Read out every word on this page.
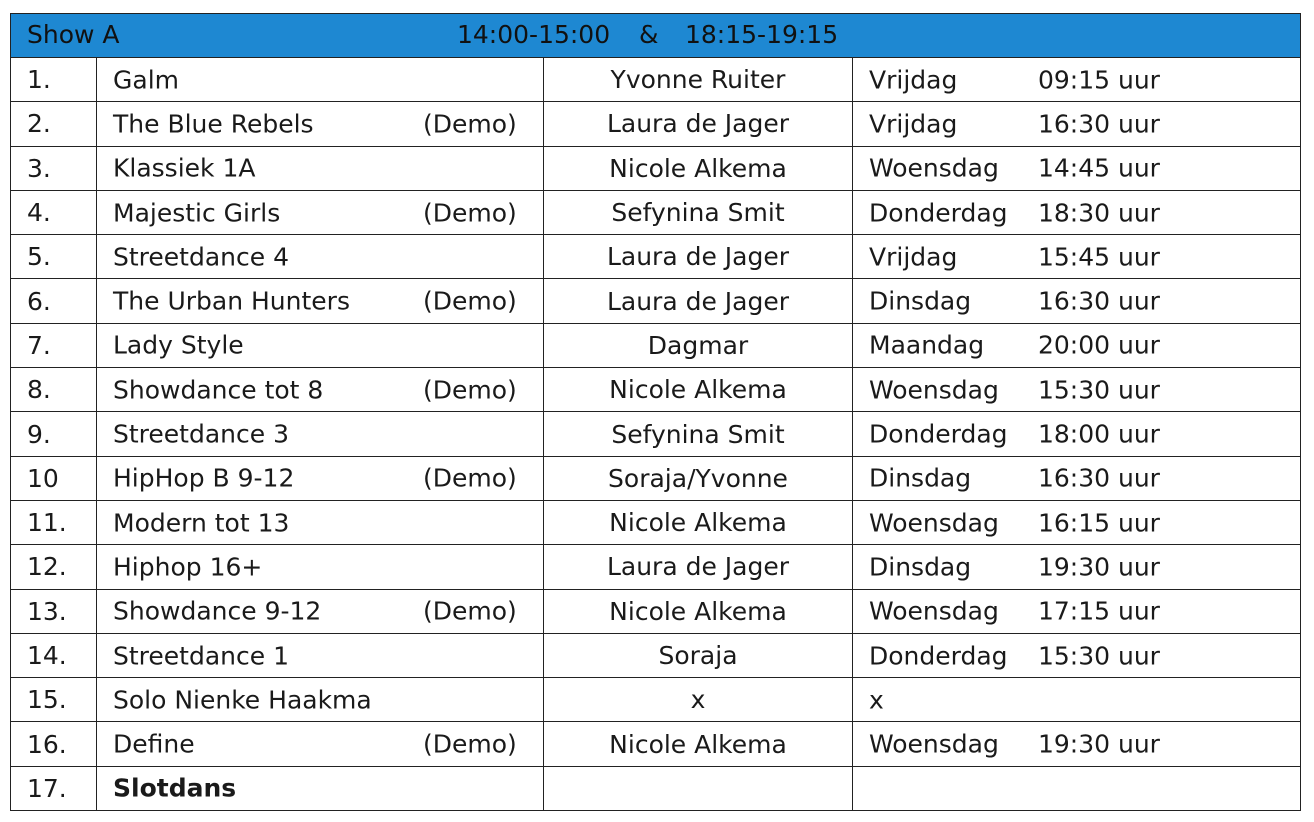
Show A 14:00-15:00 & 18:15-19:15			

1.	Galm	Yvonne Ruiter	Vrijdag 09:15 uur

2.	The Blue Rebels (Demo)	Laura de Jager	Vrijdag 16:30 uur

3.	Klassiek 1A	Nicole Alkema	Woensdag 14:45 uur

4.	Majestic Girls (Demo)	Sefynina Smit	Donderdag 18:30 uur

5.	Streetdance 4	Laura de Jager	Vrijdag 15:45 uur

6.	The Urban Hunters (Demo)	Laura de Jager	Dinsdag 16:30 uur

7.	Lady Style	Dagmar	Maandag 20:00 uur

8.	Showdance tot 8 (Demo)	Nicole Alkema	Woensdag 15:30 uur

9.	Streetdance 3	Sefynina Smit	Donderdag 18:00 uur

10	HipHop B 9-12 (Demo)	Soraja/Yvonne	Dinsdag 16:30 uur

11.	Modern tot 13	Nicole Alkema	Woensdag 16:15 uur

12.	Hiphop 16+	Laura de Jager	Dinsdag 19:30 uur

13.	Showdance 9-12 (Demo)	Nicole Alkema	Woensdag 17:15 uur

14.	Streetdance 1	Soraja	Donderdag 15:30 uur

15.	Solo Nienke Haakma	x	x

16.	Define (Demo)	Nicole Alkema	Woensdag 19:30 uur

17.	Slotdans		
